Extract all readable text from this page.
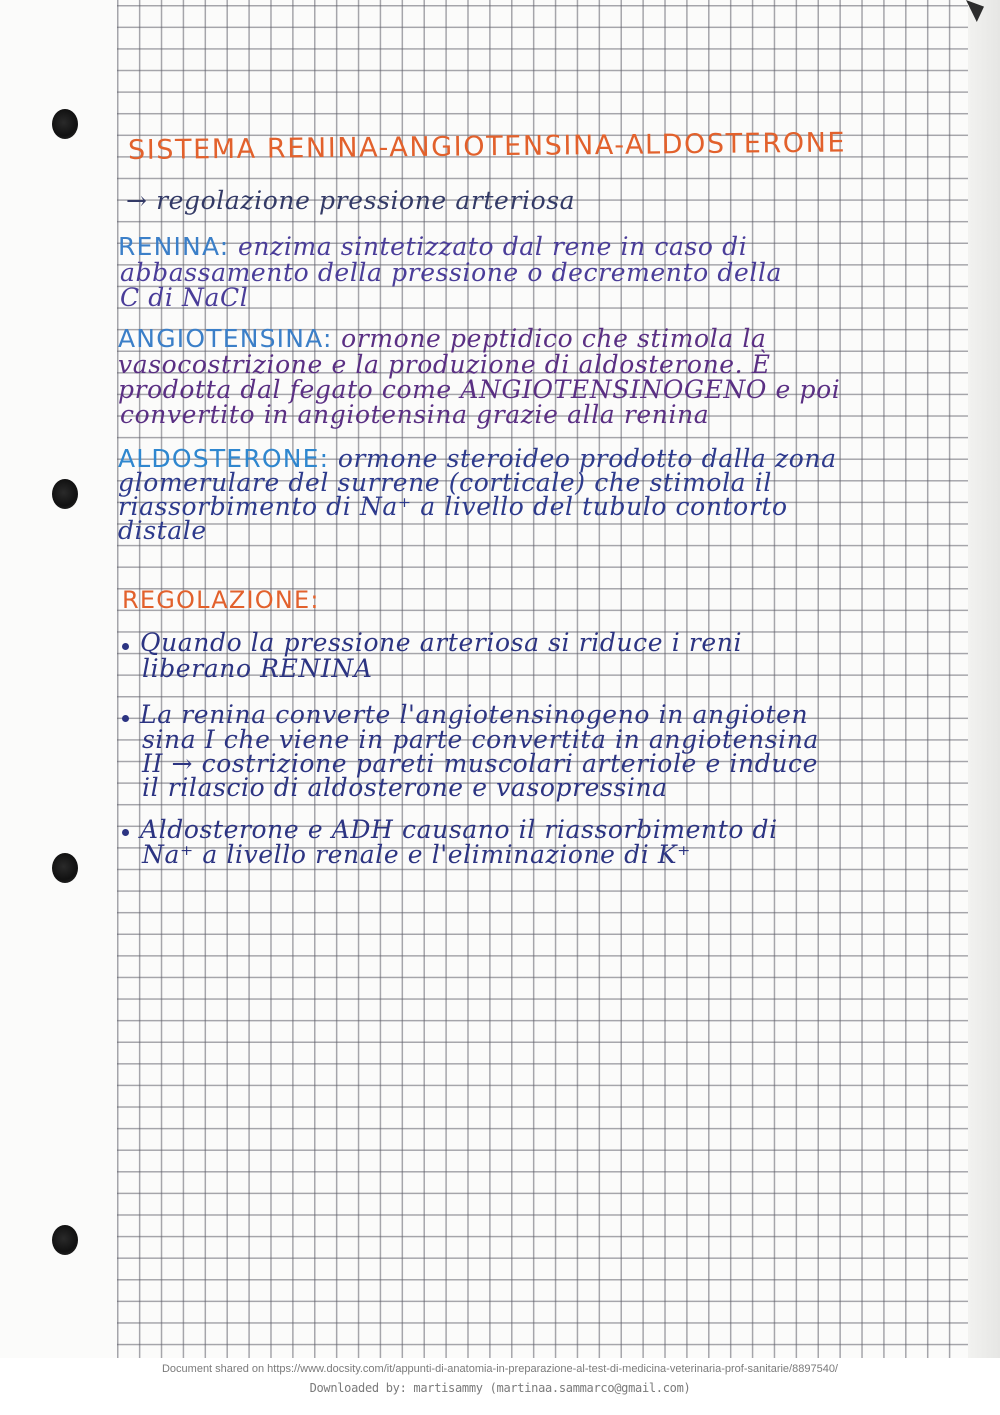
SISTEMA RENINA-ANGIOTENSINA-ALDOSTERONE

→ regolazione pressione arteriosa

RENINA: enzima sintetizzato dal rene in caso di

abbassamento della pressione o decremento della

C di NaCl

ANGIOTENSINA: ormone peptidico che stimola la

vasocostrizione e la produzione di aldosterone. È

prodotta dal fegato come ANGIOTENSINOGENO e poi

convertito in angiotensina grazie alla renina

ALDOSTERONE: ormone steroideo prodotto dalla zona

glomerulare del surrene (corticale) che stimola il

riassorbimento di Na⁺ a livello del tubulo contorto

distale

REGOLAZIONE:

Quando la pressione arteriosa si riduce i reni

liberano RENINA

La renina converte l'angiotensinogeno in angioten

sina I che viene in parte convertita in angiotensina

II → costrizione pareti muscolari arteriole e induce

il rilascio di aldosterone e vasopressina

Aldosterone e ADH causano il riassorbimento di

Na⁺ a livello renale e l'eliminazione di K⁺

Document shared on https://www.docsity.com/it/appunti-di-anatomia-in-preparazione-al-test-di-medicina-veterinaria-prof-sanitarie/8897540/
Downloaded by: martisammy (martinaa.sammarco@gmail.com)
